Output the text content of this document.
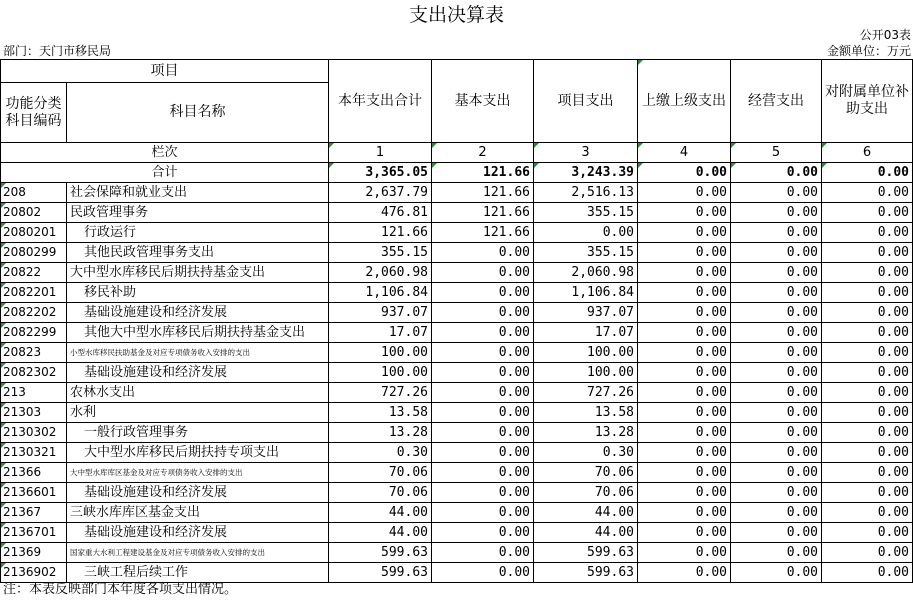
支出决算表
公开03表
部门：天门市移民局	金额单位：万元
项目		本年支出合计	基本支出	项目支出	上缴上级支出	经营支出	对附属单位补助支出
功能分类科目编码	科目名称						
栏次		1	2	3	4	5	6
合计		3,365.05	121.66	3,243.39	0.00	0.00	0.00
208	社会保障和就业支出	2,637.79	121.66	2,516.13	0.00	0.00	0.00
20802	民政管理事务	476.81	121.66	355.15	0.00	0.00	0.00
2080201	行政运行	121.66	121.66	0.00	0.00	0.00	0.00
2080299	其他民政管理事务支出	355.15	0.00	355.15	0.00	0.00	0.00
20822	大中型水库移民后期扶持基金支出	2,060.98	0.00	2,060.98	0.00	0.00	0.00
2082201	移民补助	1,106.84	0.00	1,106.84	0.00	0.00	0.00
2082202	基础设施建设和经济发展	937.07	0.00	937.07	0.00	0.00	0.00
2082299	其他大中型水库移民后期扶持基金支出	17.07	0.00	17.07	0.00	0.00	0.00
20823	小型水库移民扶助基金及对应专项债务收入安排的支出	100.00	0.00	100.00	0.00	0.00	0.00
2082302	基础设施建设和经济发展	100.00	0.00	100.00	0.00	0.00	0.00
213	农林水支出	727.26	0.00	727.26	0.00	0.00	0.00
21303	水利	13.58	0.00	13.58	0.00	0.00	0.00
2130302	一般行政管理事务	13.28	0.00	13.28	0.00	0.00	0.00
2130321	大中型水库移民后期扶持专项支出	0.30	0.00	0.30	0.00	0.00	0.00
21366	大中型水库库区基金及对应专项债务收入安排的支出	70.06	0.00	70.06	0.00	0.00	0.00
2136601	基础设施建设和经济发展	70.06	0.00	70.06	0.00	0.00	0.00
21367	三峡水库库区基金支出	44.00	0.00	44.00	0.00	0.00	0.00
2136701	基础设施建设和经济发展	44.00	0.00	44.00	0.00	0.00	0.00
21369	国家重大水利工程建设基金及对应专项债务收入安排的支出	599.63	0.00	599.63	0.00	0.00	0.00
2136902	三峡工程后续工作	599.63	0.00	599.63	0.00	0.00	0.00
注：本表反映部门本年度各项支出情况。
